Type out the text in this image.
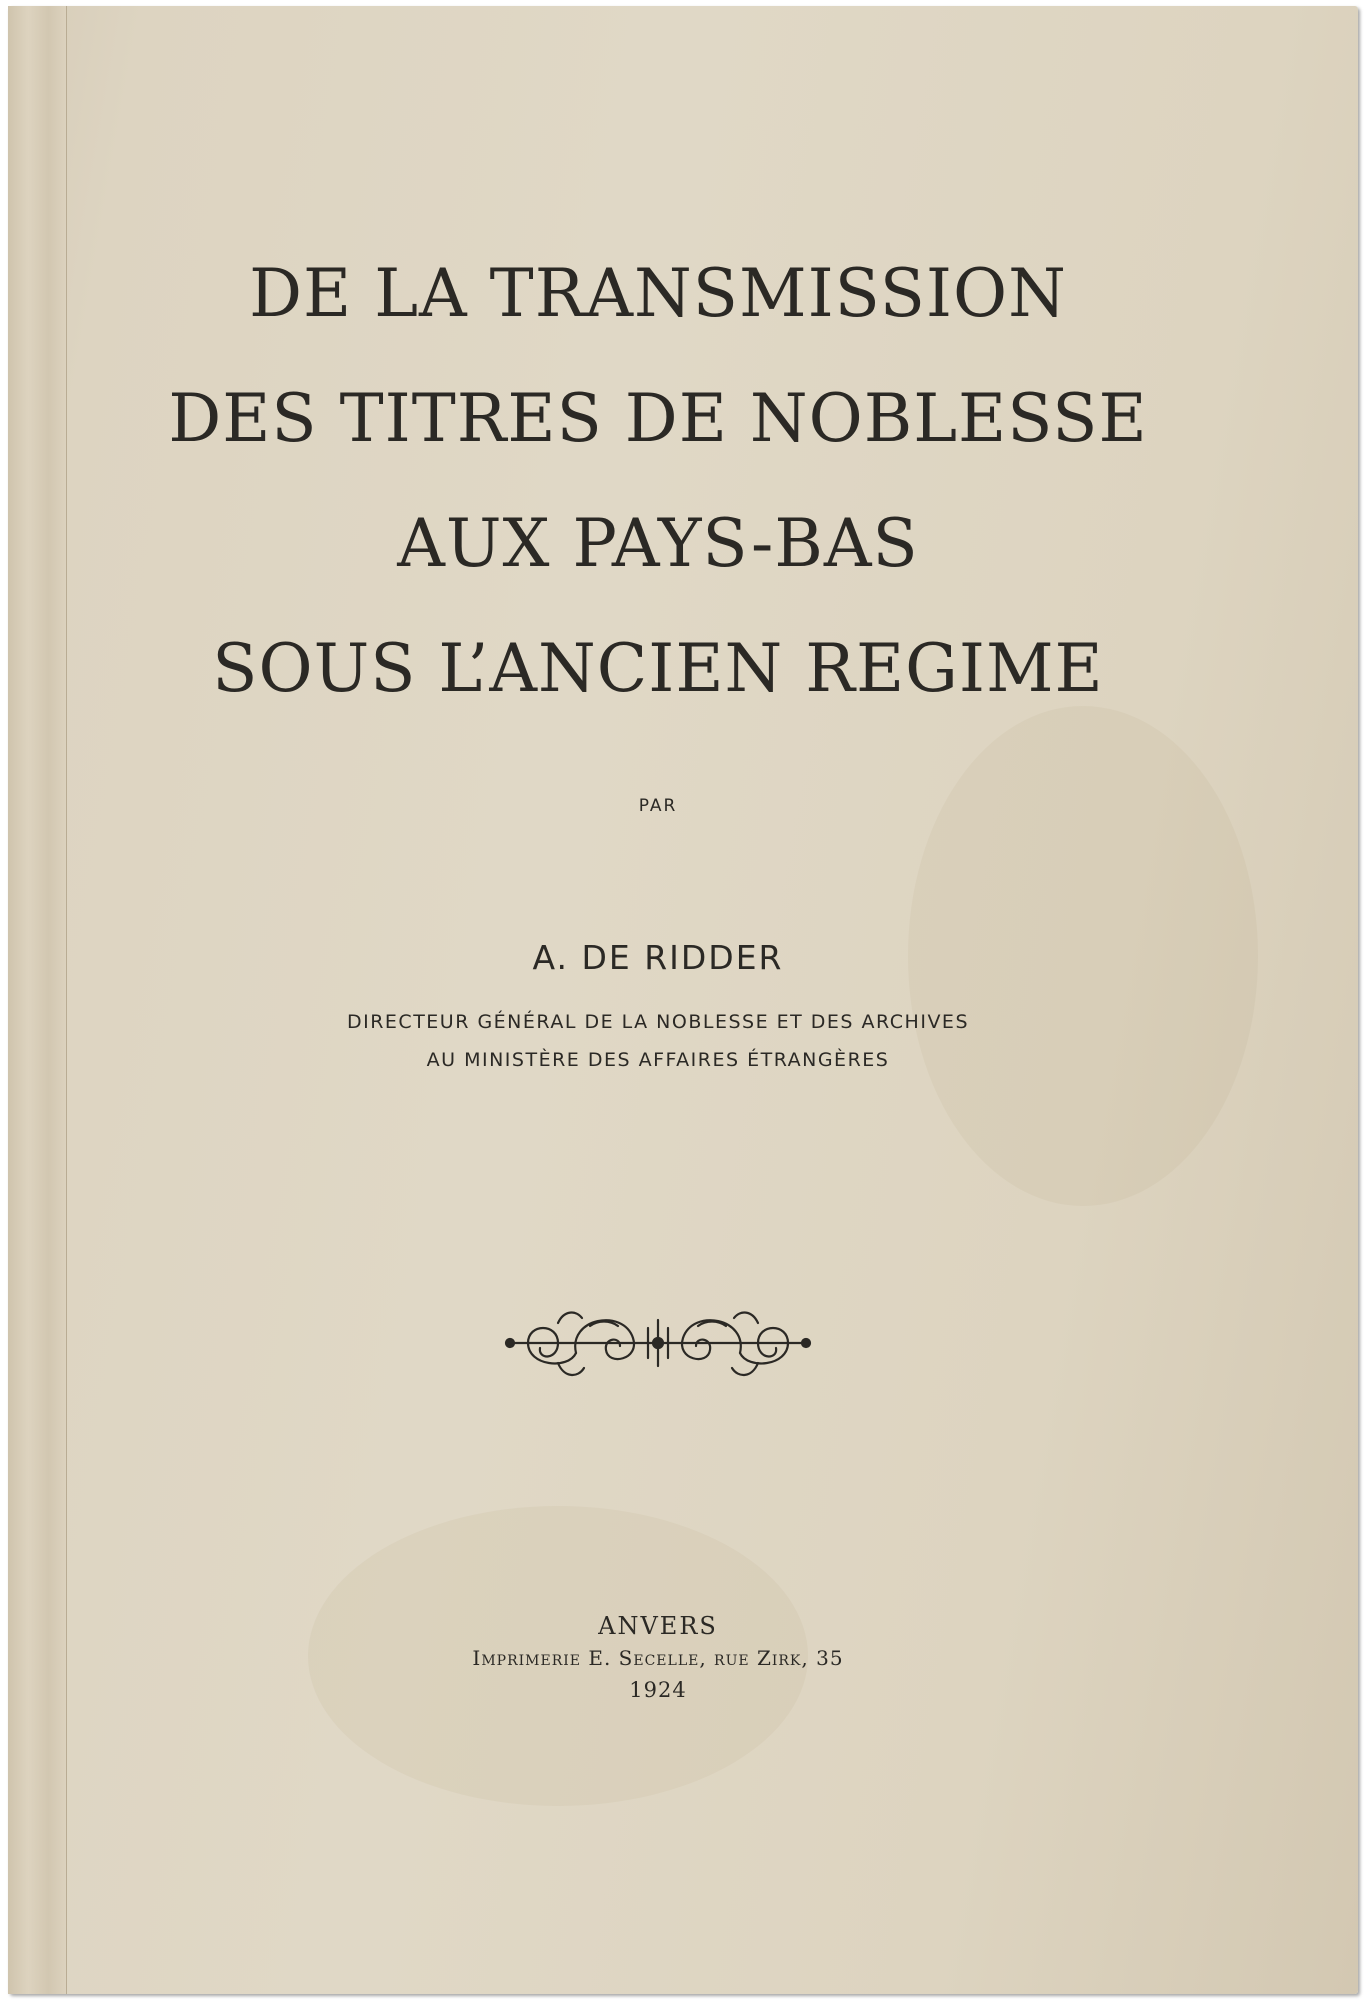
DE LA TRANSMISSION
DES TITRES DE NOBLESSE
AUX PAYS-BAS
SOUS L’ANCIEN REGIME
PAR
A. DE RIDDER
DIRECTEUR GÉNÉRAL DE LA NOBLESSE ET DES ARCHIVES
AU MINISTÈRE DES AFFAIRES ÉTRANGÈRES
ANVERS
Imprimerie E. Secelle, rue Zirk, 35
1924
